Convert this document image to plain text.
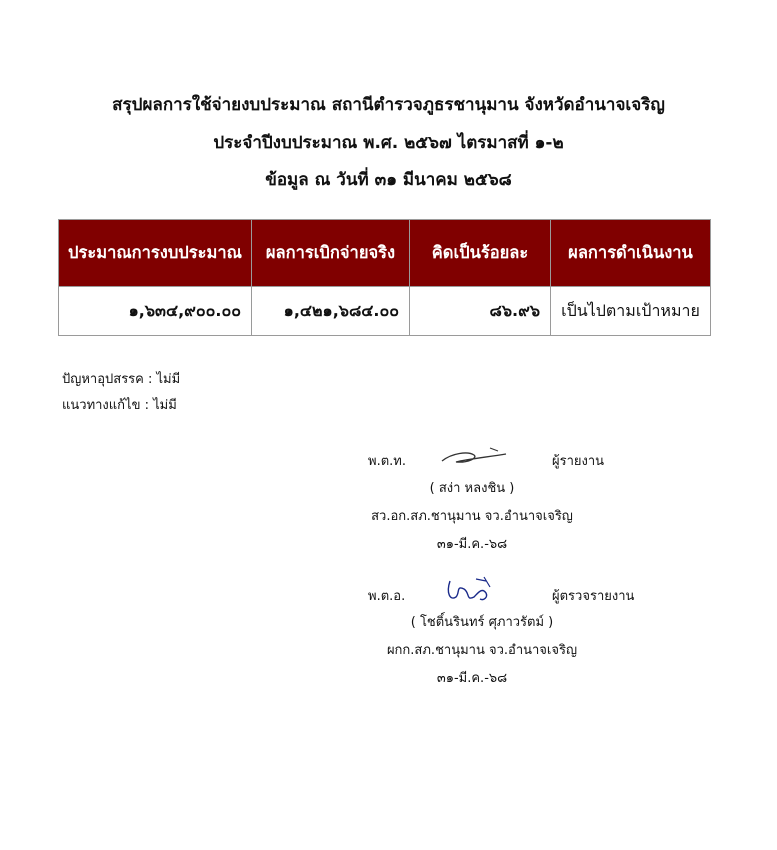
สรุปผลการใช้จ่ายงบประมาณ สถานีตำรวจภูธรชานุมาน จังหวัดอำนาจเจริญ
ประจำปีงบประมาณ พ.ศ. ๒๕๖๗ ไตรมาสที่ ๑-๒
ข้อมูล ณ วันที่ ๓๑ มีนาคม ๒๕๖๘
ประมาณการงบประมาณ	ผลการเบิกจ่ายจริง	คิดเป็นร้อยละ	ผลการดำเนินงาน
๑,๖๓๔,๙๐๐.๐๐	๑,๔๒๑,๖๘๔.๐๐	๘๖.๙๖	เป็นไปตามเป้าหมาย
ปัญหาอุปสรรค : ไม่มี
แนวทางแก้ไข : ไม่มี
พ.ต.ท.	ผู้รายงาน
( สง่า หลงชิน )
สว.อก.สภ.ชานุมาน จว.อำนาจเจริญ
๓๑-มี.ค.-๖๘
พ.ต.อ.	ผู้ตรวจรายงาน
( โชติ์นรินทร์ ศุภาวรัตม์ )
ผกก.สภ.ชานุมาน จว.อำนาจเจริญ
๓๑-มี.ค.-๖๘
